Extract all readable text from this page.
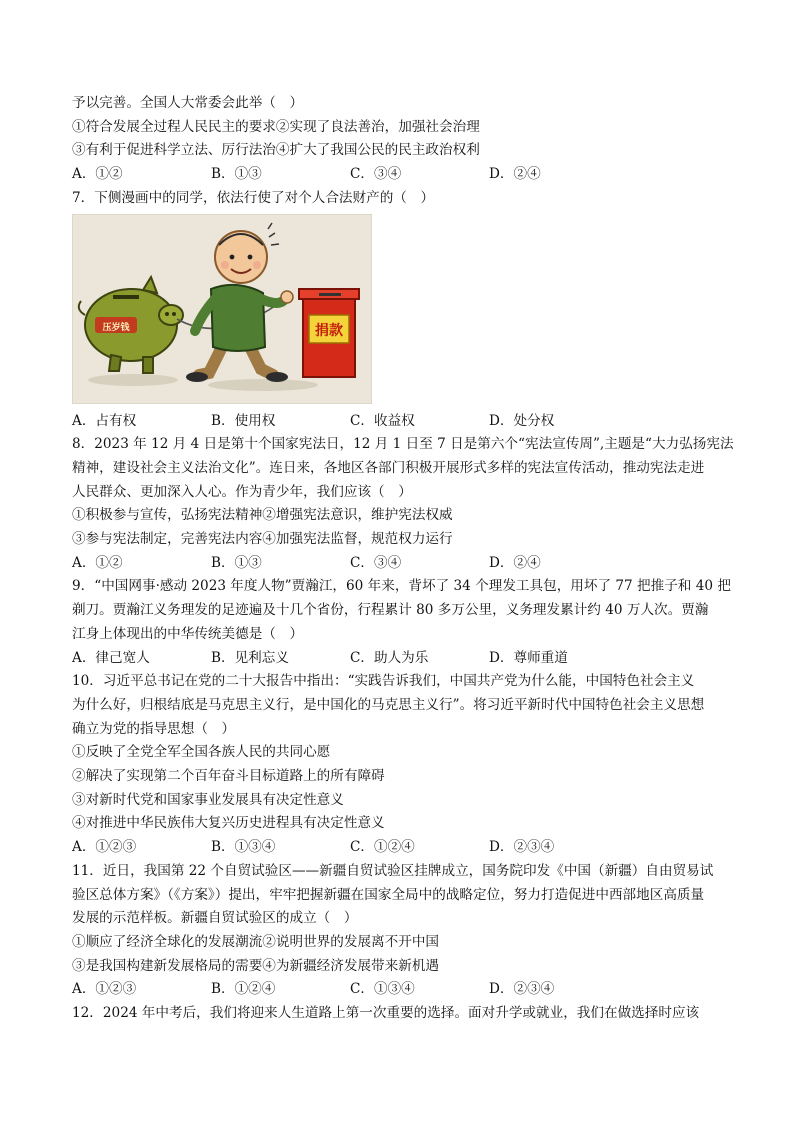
予以完善。全国人大常委会此举（　）
①符合发展全过程人民民主的要求②实现了良法善治，加强社会治理
③有利于促进科学立法、厉行法治④扩大了我国公民的民主政治权利
A．①②	B．①③	C．③④	D．②④
7．下侧漫画中的同学，依法行使了对个人合法财产的（　）
捐款
压岁钱
A．占有权	B．使用权	C．收益权	D．处分权
8．2023 年 12 月 4 日是第十个国家宪法日，12 月 1 日至 7 日是第六个“宪法宣传周”,主题是“大力弘扬宪法
精神，建设社会主义法治文化”。连日来，各地区各部门积极开展形式多样的宪法宣传活动，推动宪法走进
人民群众、更加深入人心。作为青少年，我们应该（　）
①积极参与宣传，弘扬宪法精神②增强宪法意识，维护宪法权威
③参与宪法制定，完善宪法内容④加强宪法监督，规范权力运行
A．①②	B．①③	C．③④	D．②④
9．“中国网事·感动 2023 年度人物”贾瀚江，60 年来，背坏了 34 个理发工具包，用坏了 77 把推子和 40 把
剃刀。贾瀚江义务理发的足迹遍及十几个省份，行程累计 80 多万公里，义务理发累计约 40 万人次。贾瀚
江身上体现出的中华传统美德是（　）
A．律己宽人	B．见利忘义	C．助人为乐	D．尊师重道
10．习近平总书记在党的二十大报告中指出：“实践告诉我们，中国共产党为什么能，中国特色社会主义
为什么好，归根结底是马克思主义行，是中国化的马克思主义行”。将习近平新时代中国特色社会主义思想
确立为党的指导思想（　）
①反映了全党全军全国各族人民的共同心愿
②解决了实现第二个百年奋斗目标道路上的所有障碍
③对新时代党和国家事业发展具有决定性意义
④对推进中华民族伟大复兴历史进程具有决定性意义
A．①②③	B．①③④	C．①②④	D．②③④
11．近日，我国第 22 个自贸试验区——新疆自贸试验区挂牌成立，国务院印发《中国（新疆）自由贸易试
验区总体方案》（《方案》）提出，牢牢把握新疆在国家全局中的战略定位，努力打造促进中西部地区高质量
发展的示范样板。新疆自贸试验区的成立（　）
①顺应了经济全球化的发展潮流②说明世界的发展离不开中国
③是我国构建新发展格局的需要④为新疆经济发展带来新机遇
A．①②③	B．①②④	C．①③④	D．②③④
12．2024 年中考后，我们将迎来人生道路上第一次重要的选择。面对升学或就业，我们在做选择时应该
